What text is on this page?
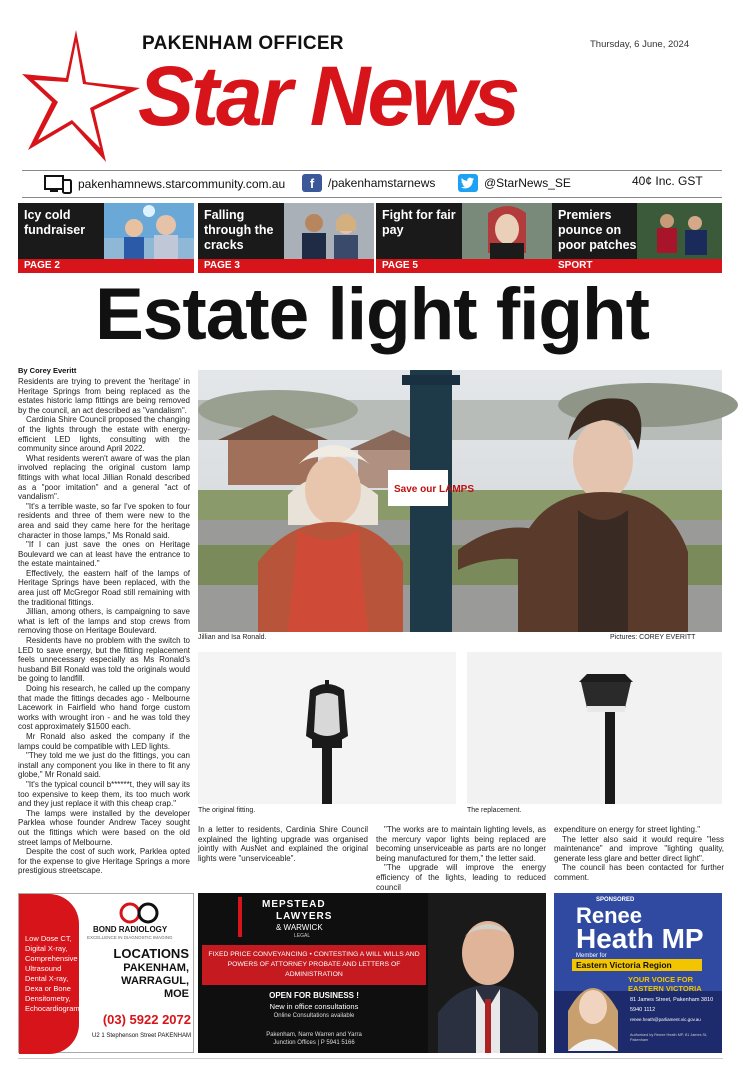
PAKENHAM OFFICER	Thursday, 6 June, 2024
Star News
pakenhamnews.starcommunity.com.au	f	/pakenhamstarnews	@StarNews_SE	40¢ Inc. GST
Icy cold fundraiser
PAGE 2
Falling through the cracks
PAGE 3
Fight for fair pay
PAGE 5
Premiers pounce on poor patches
SPORT
Estate light fight
By Corey Everitt

Residents are trying to prevent the 'heritage' in Heritage Springs from being replaced as the estates historic lamp fittings are being removed by the council, an act described as "vandalism".

Cardinia Shire Council proposed the changing of the lights through the estate with energy-efficient LED lights, consulting with the community since around April 2022.

What residents weren't aware of was the plan involved replacing the original custom lamp fittings with what local Jillian Ronald described as a "poor imitation" and a general "act of vandalism".

"It's a terrible waste, so far I've spoken to four residents and three of them were new to the area and said they came here for the heritage character in those lamps," Ms Ronald said.

"If I can just save the ones on Heritage Boulevard we can at least have the entrance to the estate maintained."

Effectively, the eastern half of the lamps of Heritage Springs have been replaced, with the area just off McGregor Road still remaining with the traditional fittings.

Jillian, among others, is campaigning to save what is left of the lamps and stop crews from removing those on Heritage Boulevard.

Residents have no problem with the switch to LED to save energy, but the fitting replacement feels unnecessary especially as Ms Ronald's husband Bill Ronald was told the originals would be going to landfill.

Doing his research, he called up the company that made the fittings decades ago - Melbourne Lacework in Fairfield who hand forge custom works with wrought iron - and he was told they cost approximately $1500 each.

Mr Ronald also asked the company if the lamps could be compatible with LED lights.

"They told me we just do the fittings, you can install any component you like in there to fit any globe," Mr Ronald said.

"It's the typical council b******t, they will say its too expensive to keep them, its too much work and they just replace it with this cheap crap."

The lamps were installed by the developer Parklea whose founder Andrew Tacey sought out the fittings which were based on the old street lamps of Melbourne.

Despite the cost of such work, Parklea opted for the expense to give Heritage Springs a more prestigious streetscape.

Save our LAMPS
Jillian and Isa Ronald.	Pictures: COREY EVERITT
The original fitting.	The replacement.

In a letter to residents, Cardinia Shire Council explained the lighting upgrade was organised jointly with AusNet and explained the original lights were "unserviceable".

"The works are to maintain lighting levels, as the mercury vapor lights being replaced are becoming unserviceable as parts are no longer being manufactured for them," the letter said.

"The upgrade will improve the energy efficiency of the lights, leading to reduced council

expenditure on energy for street lighting."

The letter also said it would require "less maintenance" and improve "lighting quality, generate less glare and better direct light".

The council has been contacted for further comment.

Low Dose CT, Digital X-ray, Comprehensive Ultrasound Dental X-ray, Dexa or Bone Densitometry, Echocardiogram
BOND RADIOLOGY
EXCELLENCE IN DIAGNOSTIC IMAGING
LOCATIONS
PAKENHAM, WARRAGUL, MOE
(03) 5922 2072
U2 1 Stephenson Street PAKENHAM
MEPSTEAD
LAWYERS
& WARWICK
LEGAL
FIXED PRICE CONVEYANCING • CONTESTING A WILL WILLS AND POWERS OF ATTORNEY PROBATE AND LETTERS OF ADMINISTRATION
OPEN FOR BUSINESS !
New in office consultations
Online Consultations available
Pakenham, Narre Warren and Yarra Junction Offices | P 5941 5166
SPONSORED
Renee
Heath MP
Member for
Eastern Victoria Region
YOUR VOICE FOR EASTERN VICTORIA
81 James Street, Pakenham 3810
5940 1112
renee.heath@parliament.vic.gov.au
Authorised by Renee Heath MP, 81 James St, Pakenham
